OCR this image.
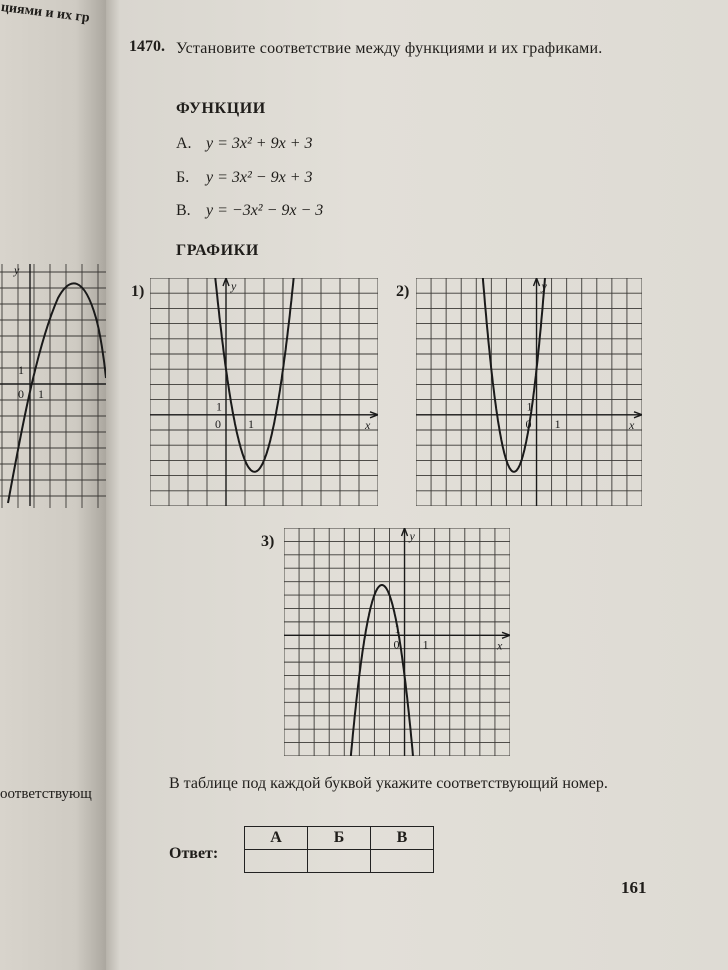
циями и их гр
y
1
0 1
оответствующ
1470. Установите соответствие между функциями и их графиками.
ФУНКЦИИ
А. y = 3x² + 9x + 3
Б. y = 3x² − 9x + 3
В. y = −3x² − 9x − 3
ГРАФИКИ
1)
0 1
1
x
y	2)
0 1
1
x
y
3)
0 1
1
x
y
В таблице под каждой буквой укажите соответствующий номер.
Ответ:
А	Б	В

161
